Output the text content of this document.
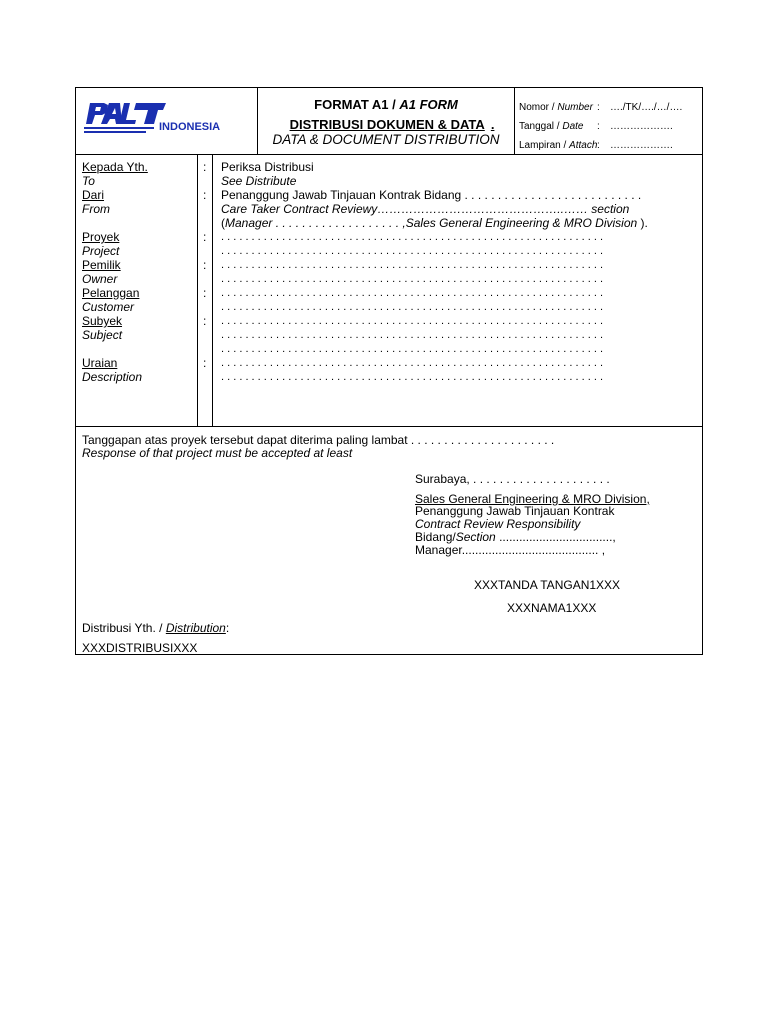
INDONESIA
FORMAT A1 / A1 FORM
DISTRIBUSI DOKUMEN & DATA .
DATA & DOCUMENT DISTRIBUTION
Nomor / Number : …./TK/…./…/….
Tanggal / Date : ……………….
Lampiran / Attach : ……………….
Kepada Yth.
To
Dari
From
Proyek
Project
Pemilik
Owner
Pelanggan
Customer
Subyek
Subject
Uraian
Description
:
:
:
:
:
:
:
Periksa Distribusi
See Distribute
Penanggung Jawab Tinjauan Kontrak Bidang . . . . . . . . . . . . . . . . . . . . . . . . . . .
Care Taker Contract Reviewy………………………………………..…… section
(Manager . . . . . . . . . . . . . . . . . . . ,Sales General Engineering & MRO Division ).
. . . . . . . . . . . . . . . . . . . . . . . . . . . . . . . . . . . . . . . . . . . . . . . . . . . . . . . . . . . . . . .
. . . . . . . . . . . . . . . . . . . . . . . . . . . . . . . . . . . . . . . . . . . . . . . . . . . . . . . . . . . . . . .
. . . . . . . . . . . . . . . . . . . . . . . . . . . . . . . . . . . . . . . . . . . . . . . . . . . . . . . . . . . . . . .
. . . . . . . . . . . . . . . . . . . . . . . . . . . . . . . . . . . . . . . . . . . . . . . . . . . . . . . . . . . . . . .
. . . . . . . . . . . . . . . . . . . . . . . . . . . . . . . . . . . . . . . . . . . . . . . . . . . . . . . . . . . . . . .
. . . . . . . . . . . . . . . . . . . . . . . . . . . . . . . . . . . . . . . . . . . . . . . . . . . . . . . . . . . . . . .
. . . . . . . . . . . . . . . . . . . . . . . . . . . . . . . . . . . . . . . . . . . . . . . . . . . . . . . . . . . . . . .
. . . . . . . . . . . . . . . . . . . . . . . . . . . . . . . . . . . . . . . . . . . . . . . . . . . . . . . . . . . . . . .
. . . . . . . . . . . . . . . . . . . . . . . . . . . . . . . . . . . . . . . . . . . . . . . . . . . . . . . . . . . . . . .
. . . . . . . . . . . . . . . . . . . . . . . . . . . . . . . . . . . . . . . . . . . . . . . . . . . . . . . . . . . . . . .
. . . . . . . . . . . . . . . . . . . . . . . . . . . . . . . . . . . . . . . . . . . . . . . . . . . . . . . . . . . . . . .
Tanggapan atas proyek tersebut dapat diterima paling lambat . . . . . . . . . . . . . . . . . . . . . .
Response of that project must be accepted at least
Surabaya, . . . . . . . . . . . . . . . . . . . . .
Sales General Engineering & MRO Division,
Penanggung Jawab Tinjauan Kontrak
Contract Review Responsibility
Bidang/Section ..................................,
Manager......................................... ,
XXXTANDA TANGAN1XXX
XXXNAMA1XXX
Distribusi Yth. / Distribution:
XXXDISTRIBUSIXXX
